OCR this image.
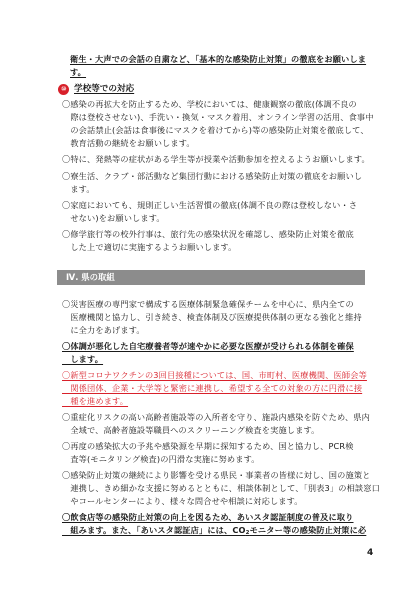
衛生・大声での会話の自粛など、「基本的な感染防止対策」の徹底をお願いしま
す。
⑩ 学校等での対応
〇感染の再拡大を防止するため、学校においては、健康観察の徹底(体調不良の
　際は登校させない)、手洗い・換気・マスク着用、オンライン学習の活用、食事中
　の会話禁止(会話は食事後にマスクを着けてから)等の感染防止対策を徹底して、
　教育活動の継続をお願いします。
〇特に、発熱等の症状がある学生等が授業や活動参加を控えるようお願いします。
〇寮生活、クラブ・部活動など集団行動における感染防止対策の徹底をお願いし
　ます。
〇家庭においても、規則正しい生活習慣の徹底(体調不良の際は登校しない・さ
　せない)をお願いします。
〇修学旅行等の校外行事は、旅行先の感染状況を確認し、感染防止対策を徹底
　した上で適切に実施するようお願いします。
Ⅳ. 県の取組
〇災害医療の専門家で構成する医療体制緊急確保チームを中心に、県内全ての
　医療機関と協力し、引き続き、検査体制及び医療提供体制の更なる強化と維持
　に全力をあげます。
〇体調が悪化した自宅療養者等が速やかに必要な医療が受けられる体制を確保
　します。
〇新型コロナワクチンの3回目接種については、国、市町村、医療機関、医師会等
　関係団体、企業・大学等と緊密に連携し、希望する全ての対象の方に円滑に接
　種を進めます。
〇重症化リスクの高い高齢者施設等の入所者を守り、施設内感染を防ぐため、県内
　全域で、高齢者施設等職員へのスクリーニング検査を実施します。
〇再度の感染拡大の予兆や感染源を早期に探知するため、国と協力し、PCR検
　査等(モニタリング検査)の円滑な実施に努めます。
〇感染防止対策の継続により影響を受ける県民・事業者の皆様に対し、国の施策と
　連携し、きめ細かな支援に努めるとともに、相談体制として、「別表3」の相談窓口
　やコールセンターにより、様々な問合せや相談に対応します。
〇飲食店等の感染防止対策の向上を図るため、あいスタ認証制度の普及に取り
　組みます。また、「あいスタ認証店」には、$CO_2$モニター等の感染防止対策に必
4
